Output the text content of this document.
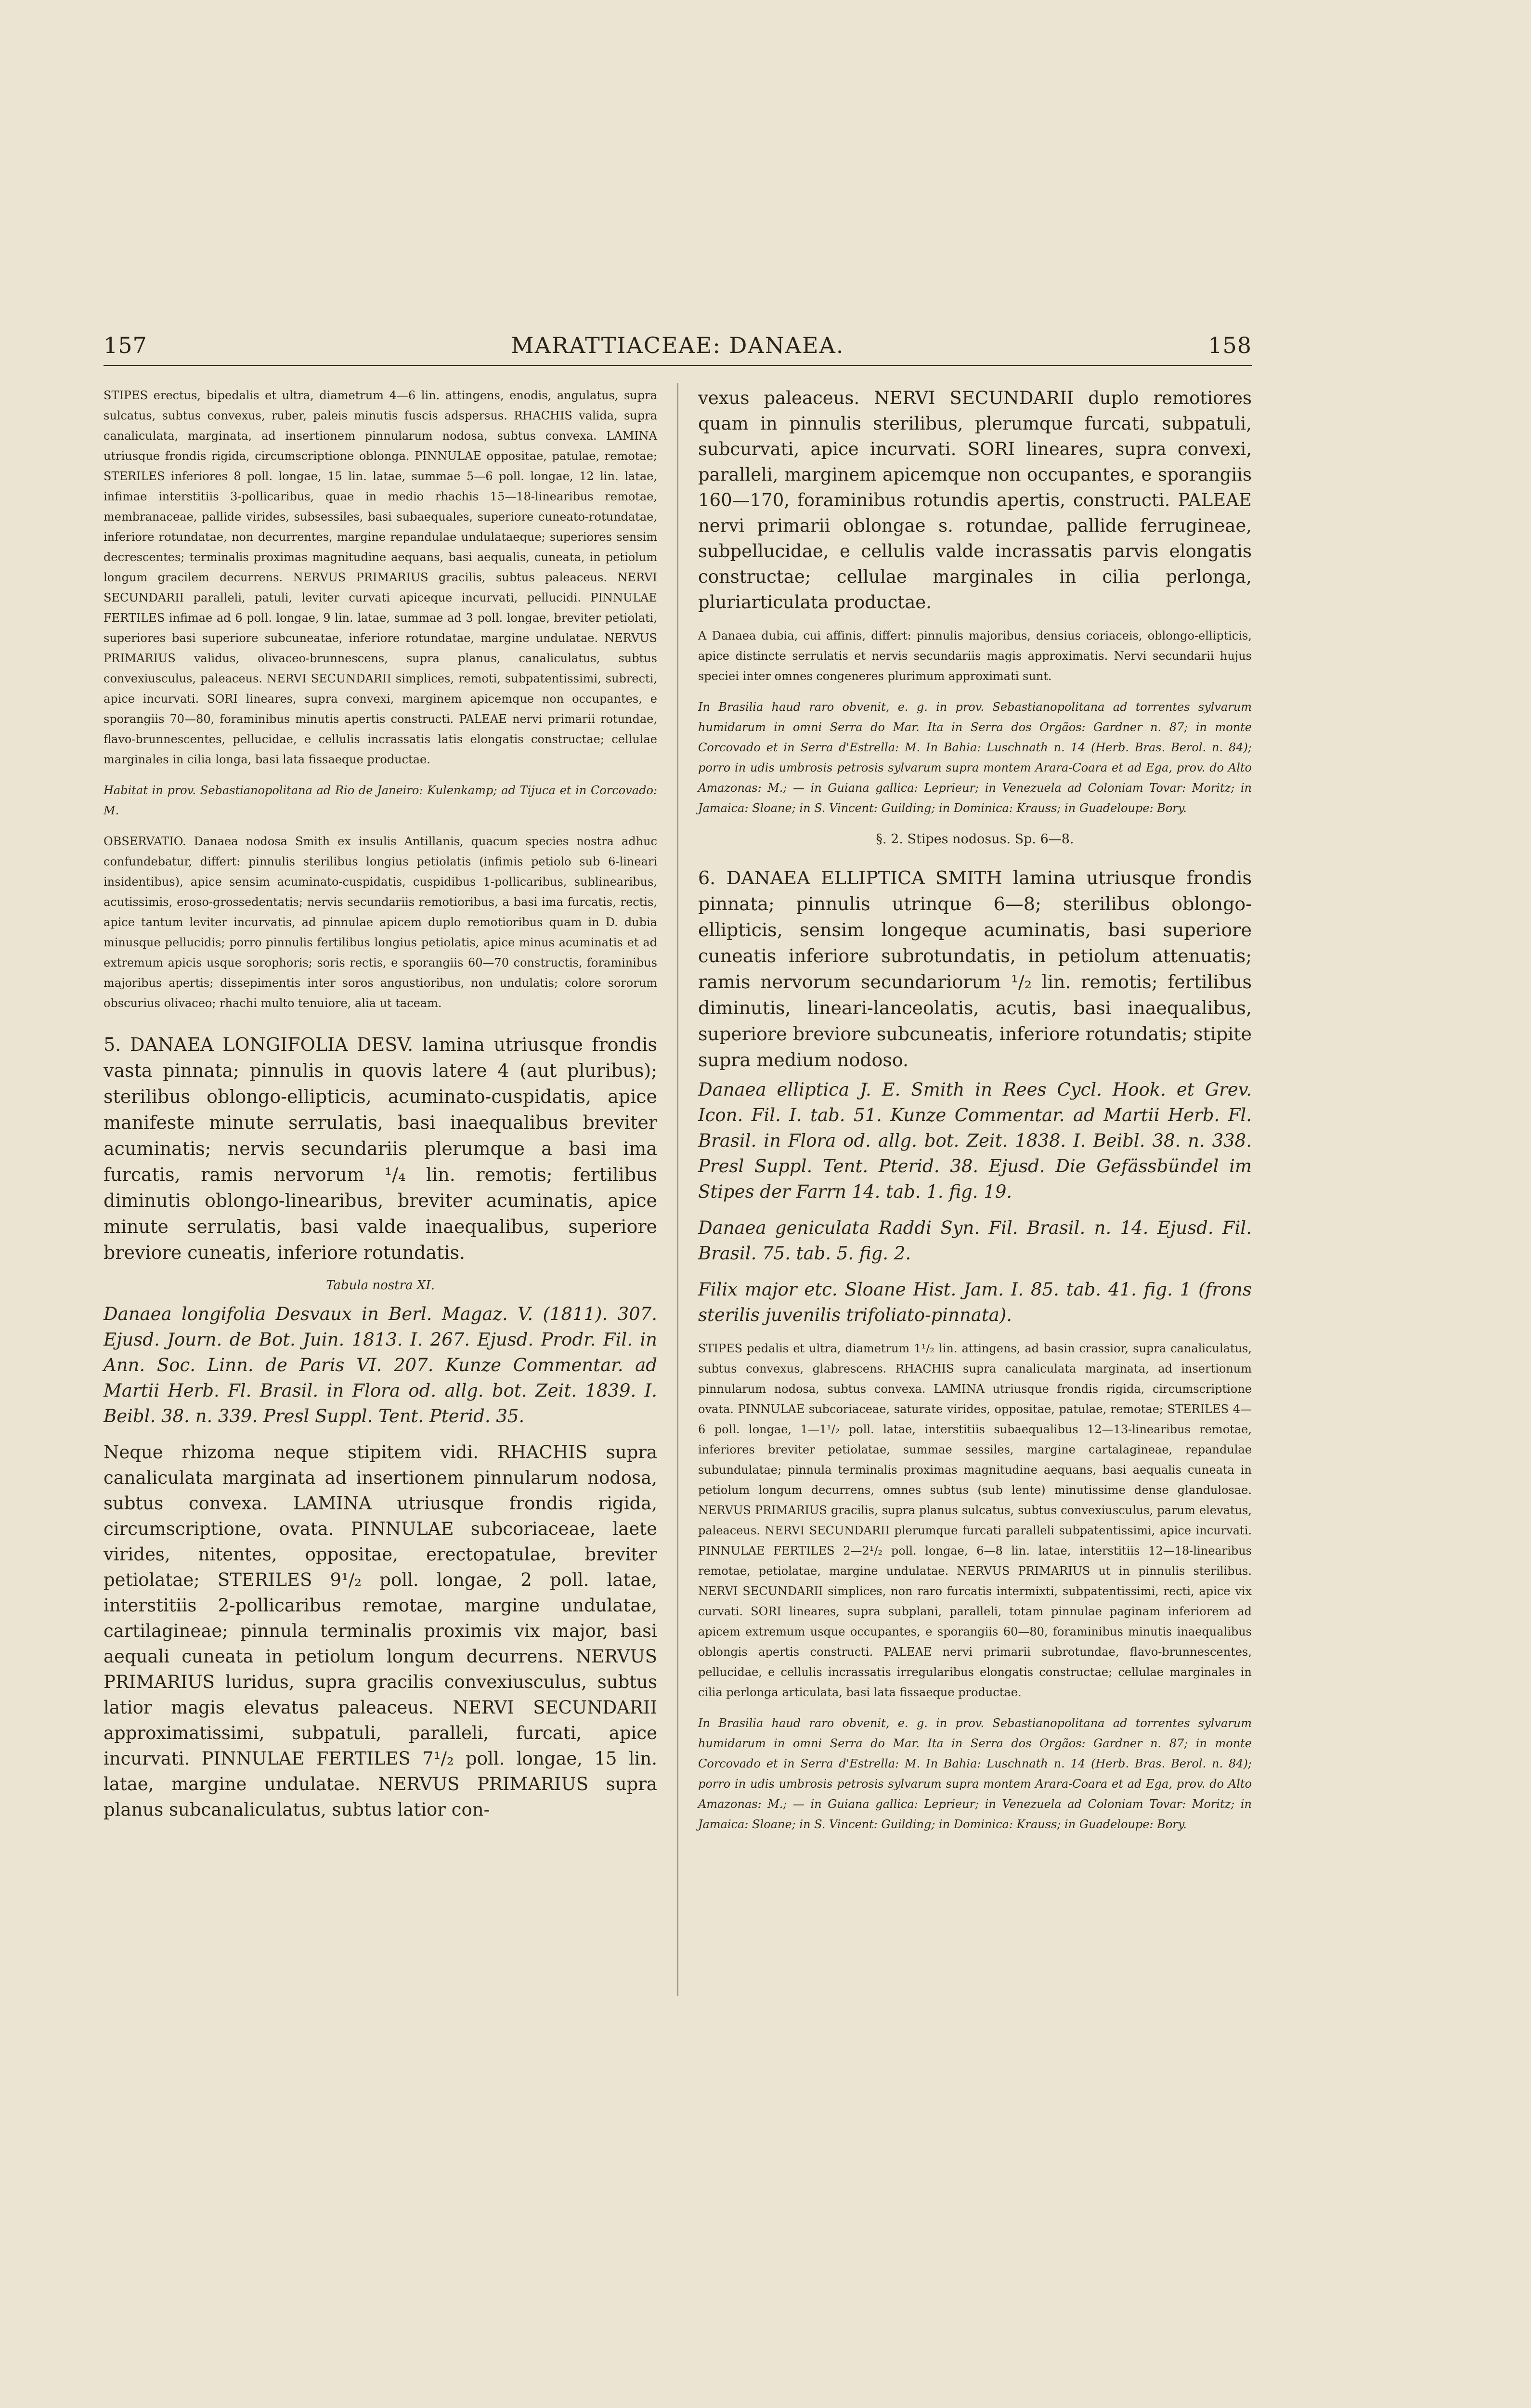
157	MARATTIACEAE: DANAEA.	158

STIPES erectus, bipedalis et ultra, diametrum 4—6 lin. attingens, enodis, angulatus, supra sulcatus, subtus convexus, ruber, paleis minutis fuscis adspersus. RHACHIS valida, supra canaliculata, marginata, ad insertionem pinnularum nodosa, subtus convexa. LAMINA utriusque frondis rigida, circumscriptione oblonga. PINNULAE oppositae, patulae, remotae; STERILES inferiores 8 poll. longae, 15 lin. latae, summae 5—6 poll. longae, 12 lin. latae, infimae interstitiis 3-pollicaribus, quae in medio rhachis 15—18-linearibus remotae, membranaceae, pallide virides, subsessiles, basi subaequales, superiore cuneato-rotundatae, inferiore rotundatae, non decurrentes, margine repandulae undulataeque; superiores sensim decrescentes; terminalis proximas magnitudine aequans, basi aequalis, cuneata, in petiolum longum gracilem decurrens. NERVUS PRIMARIUS gracilis, subtus paleaceus. NERVI SECUNDARII paralleli, patuli, leviter curvati apiceque incurvati, pellucidi. PINNULAE FERTILES infimae ad 6 poll. longae, 9 lin. latae, summae ad 3 poll. longae, breviter petiolati, superiores basi superiore subcuneatae, inferiore rotundatae, margine undulatae. NERVUS PRIMARIUS validus, olivaceo-brunnescens, supra planus, canaliculatus, subtus convexiusculus, paleaceus. NERVI SECUNDARII simplices, remoti, subpatentissimi, subrecti, apice incurvati. SORI lineares, supra convexi, marginem apicemque non occupantes, e sporangiis 70—80, foraminibus minutis apertis constructi. PALEAE nervi primarii rotundae, flavo-brunnescentes, pellucidae, e cellulis incrassatis latis elongatis constructae; cellulae marginales in cilia longa, basi lata fissaeque productae.

Habitat in prov. Sebastianopolitana ad Rio de Janeiro: Kulenkamp; ad Tijuca et in Corcovado: M.

OBSERVATIO. Danaea nodosa Smith ex insulis Antillanis, quacum species nostra adhuc confundebatur, differt: pinnulis sterilibus longius petiolatis (infimis petiolo sub 6-lineari insidentibus), apice sensim acuminato-cuspidatis, cuspidibus 1-pollicaribus, sublinearibus, acutissimis, eroso-grossedentatis; nervis secundariis remotioribus, a basi ima furcatis, rectis, apice tantum leviter incurvatis, ad pinnulae apicem duplo remotioribus quam in D. dubia minusque pellucidis; porro pinnulis fertilibus longius petiolatis, apice minus acuminatis et ad extremum apicis usque sorophoris; soris rectis, e sporangiis 60—70 constructis, foraminibus majoribus apertis; dissepimentis inter soros angustioribus, non undulatis; colore sororum obscurius olivaceo; rhachi multo tenuiore, alia ut taceam.

5. DANAEA LONGIFOLIA DESV. lamina utriusque frondis vasta pinnata; pinnulis in quovis latere 4 (aut pluribus); sterilibus oblongo-ellipticis, acuminato-cuspidatis, apice manifeste minute serrulatis, basi inaequalibus breviter acuminatis; nervis secundariis plerumque a basi ima furcatis, ramis nervorum ¹/₄ lin. remotis; fertilibus diminutis oblongo-linearibus, breviter acuminatis, apice minute serrulatis, basi valde inaequalibus, superiore breviore cuneatis, inferiore rotundatis.

Tabula nostra XI.

Danaea longifolia Desvaux in Berl. Magaz. V. (1811). 307. Ejusd. Journ. de Bot. Juin. 1813. I. 267. Ejusd. Prodr. Fil. in Ann. Soc. Linn. de Paris VI. 207. Kunze Commentar. ad Martii Herb. Fl. Brasil. in Flora od. allg. bot. Zeit. 1839. I. Beibl. 38. n. 339. Presl Suppl. Tent. Pterid. 35.

Neque rhizoma neque stipitem vidi. RHACHIS supra canaliculata marginata ad insertionem pinnularum nodosa, subtus convexa. LAMINA utriusque frondis rigida, circumscriptione, ovata. PINNULAE subcoriaceae, laete virides, nitentes, oppositae, erectopatulae, breviter petiolatae; STERILES 9¹/₂ poll. longae, 2 poll. latae, interstitiis 2-pollicaribus remotae, margine undulatae, cartilagineae; pinnula terminalis proximis vix major, basi aequali cuneata in petiolum longum decurrens. NERVUS PRIMARIUS luridus, supra gracilis convexiusculus, subtus latior magis elevatus paleaceus. NERVI SECUNDARII approximatissimi, subpatuli, paralleli, furcati, apice incurvati. PINNULAE FERTILES 7¹/₂ poll. longae, 15 lin. latae, margine undulatae. NERVUS PRIMARIUS supra planus subcanaliculatus, subtus latior con-

vexus paleaceus. NERVI SECUNDARII duplo remotiores quam in pinnulis sterilibus, plerumque furcati, subpatuli, subcurvati, apice incurvati. SORI lineares, supra convexi, paralleli, marginem apicemque non occupantes, e sporangiis 160—170, foraminibus rotundis apertis, constructi. PALEAE nervi primarii oblongae s. rotundae, pallide ferrugineae, subpellucidae, e cellulis valde incrassatis parvis elongatis constructae; cellulae marginales in cilia perlonga, pluriarticulata productae.

A Danaea dubia, cui affinis, differt: pinnulis majoribus, densius coriaceis, oblongo-ellipticis, apice distincte serrulatis et nervis secundariis magis approximatis. Nervi secundarii hujus speciei inter omnes congeneres plurimum approximati sunt.

In Brasilia haud raro obvenit, e. g. in prov. Sebastianopolitana ad torrentes sylvarum humidarum in omni Serra do Mar. Ita in Serra dos Orgãos: Gardner n. 87; in monte Corcovado et in Serra d'Estrella: M. In Bahia: Luschnath n. 14 (Herb. Bras. Berol. n. 84); porro in udis umbrosis petrosis sylvarum supra montem Arara-Coara et ad Ega, prov. do Alto Amazonas: M.; — in Guiana gallica: Leprieur; in Venezuela ad Coloniam Tovar: Moritz; in Jamaica: Sloane; in S. Vincent: Guilding; in Dominica: Krauss; in Guadeloupe: Bory.

§. 2. Stipes nodosus. Sp. 6—8.

6. DANAEA ELLIPTICA SMITH lamina utriusque frondis pinnata; pinnulis utrinque 6—8; sterilibus oblongo-ellipticis, sensim longeque acuminatis, basi superiore cuneatis inferiore subrotundatis, in petiolum attenuatis; ramis nervorum secundariorum ¹/₂ lin. remotis; fertilibus diminutis, lineari-lanceolatis, acutis, basi inaequalibus, superiore breviore subcuneatis, inferiore rotundatis; stipite supra medium nodoso.

Danaea elliptica J. E. Smith in Rees Cycl. Hook. et Grev. Icon. Fil. I. tab. 51. Kunze Commentar. ad Martii Herb. Fl. Brasil. in Flora od. allg. bot. Zeit. 1838. I. Beibl. 38. n. 338. Presl Suppl. Tent. Pterid. 38. Ejusd. Die Gefässbündel im Stipes der Farrn 14. tab. 1. fig. 19.

Danaea geniculata Raddi Syn. Fil. Brasil. n. 14. Ejusd. Fil. Brasil. 75. tab. 5. fig. 2.

Filix major etc. Sloane Hist. Jam. I. 85. tab. 41. fig. 1 (frons sterilis juvenilis trifoliato-pinnata).

STIPES pedalis et ultra, diametrum 1¹/₂ lin. attingens, ad basin crassior, supra canaliculatus, subtus convexus, glabrescens. RHACHIS supra canaliculata marginata, ad insertionum pinnularum nodosa, subtus convexa. LAMINA utriusque frondis rigida, circumscriptione ovata. PINNULAE subcoriaceae, saturate virides, oppositae, patulae, remotae; STERILES 4—6 poll. longae, 1—1¹/₂ poll. latae, interstitiis subaequalibus 12—13-linearibus remotae, inferiores breviter petiolatae, summae sessiles, margine cartalagineae, repandulae subundulatae; pinnula terminalis proximas magnitudine aequans, basi aequalis cuneata in petiolum longum decurrens, omnes subtus (sub lente) minutissime dense glandulosae. NERVUS PRIMARIUS gracilis, supra planus sulcatus, subtus convexiusculus, parum elevatus, paleaceus. NERVI SECUNDARII plerumque furcati paralleli subpatentissimi, apice incurvati. PINNULAE FERTILES 2—2¹/₂ poll. longae, 6—8 lin. latae, interstitiis 12—18-linearibus remotae, petiolatae, margine undulatae. NERVUS PRIMARIUS ut in pinnulis sterilibus. NERVI SECUNDARII simplices, non raro furcatis intermixti, subpatentissimi, recti, apice vix curvati. SORI lineares, supra subplani, paralleli, totam pinnulae paginam inferiorem ad apicem extremum usque occupantes, e sporangiis 60—80, foraminibus minutis inaequalibus oblongis apertis constructi. PALEAE nervi primarii subrotundae, flavo-brunnescentes, pellucidae, e cellulis incrassatis irregularibus elongatis constructae; cellulae marginales in cilia perlonga articulata, basi lata fissaeque productae.

In Brasilia haud raro obvenit, e. g. in prov. Sebastianopolitana ad torrentes sylvarum humidarum in omni Serra do Mar. Ita in Serra dos Orgãos: Gardner n. 87; in monte Corcovado et in Serra d'Estrella: M. In Bahia: Luschnath n. 14 (Herb. Bras. Berol. n. 84); porro in udis umbrosis petrosis sylvarum supra montem Arara-Coara et ad Ega, prov. do Alto Amazonas: M.; — in Guiana gallica: Leprieur; in Venezuela ad Coloniam Tovar: Moritz; in Jamaica: Sloane; in S. Vincent: Guilding; in Dominica: Krauss; in Guadeloupe: Bory.
